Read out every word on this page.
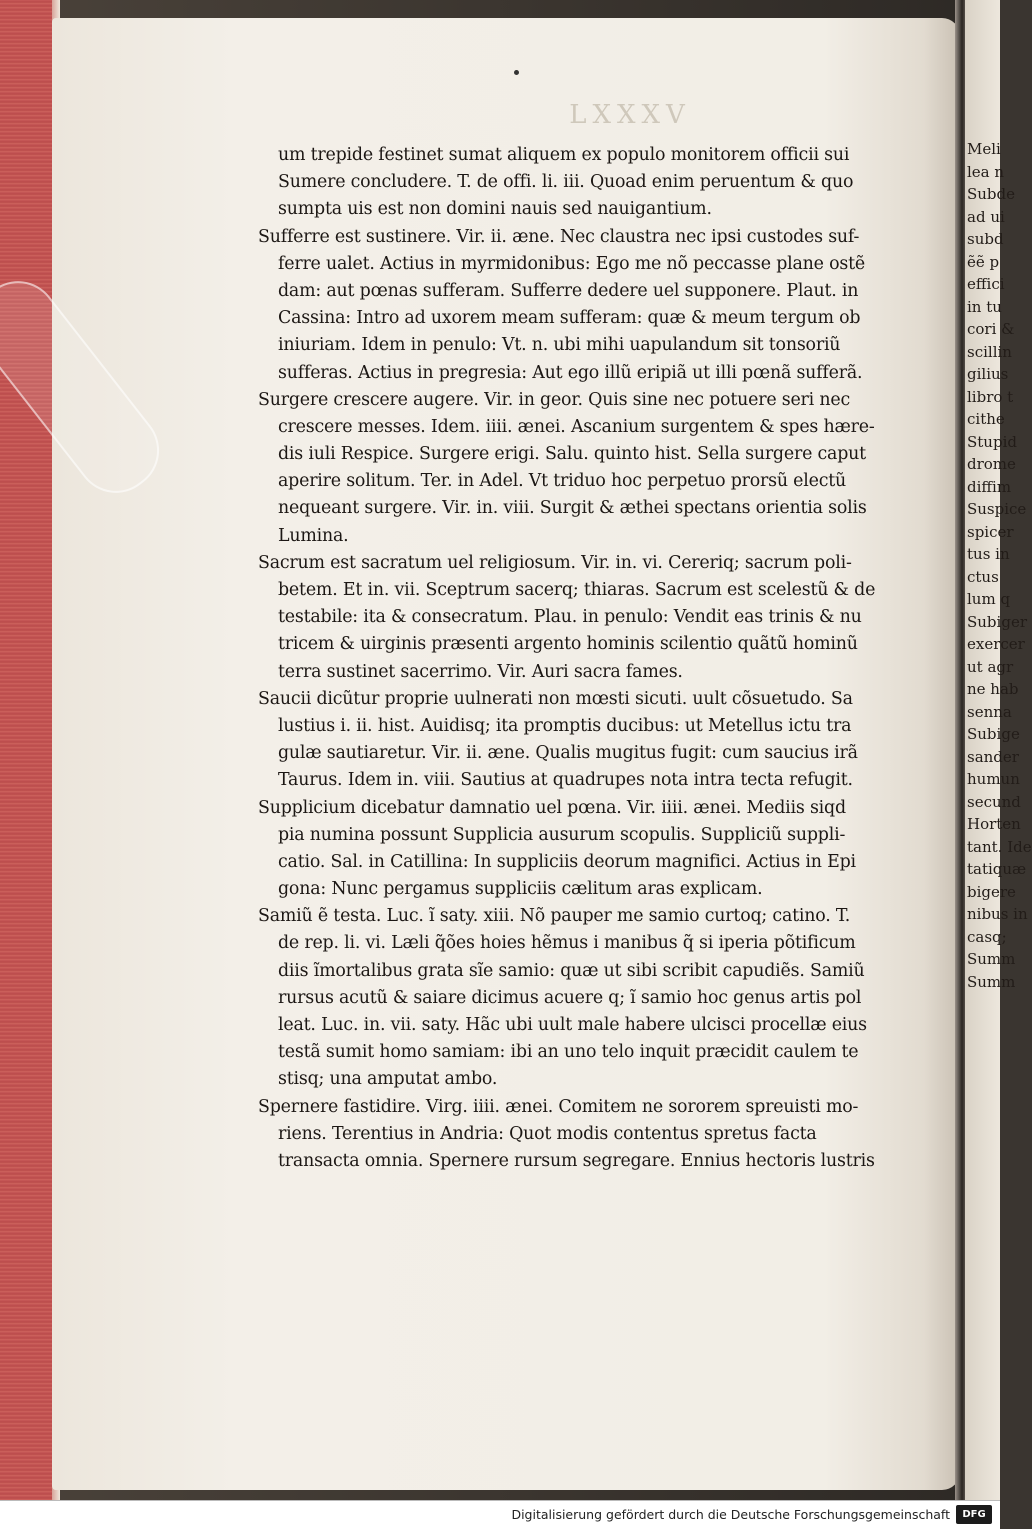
Meli
lea n
Subde
ad ui
subd
ẽẽ p
effici
in tu
cori &
scillin
gilius
libro t
cithe
Stupid
drome
diffim
Suspice
spicer
tus in
ctus
lum q
Subiger
exercer
ut agr
ne hab
senna
Subige
sander
humun
secund
Horten
tant. Ide
tatiquæ
bigere
nibus in
casq;
Summ
Summ
LXXXV
um trepide festinet sumat aliquem ex populo monitorem officii sui
Sumere concludere. T. de offi. li. iii. Quoad enim peruentum & quo
sumpta uis est non domini nauis sed nauigantium.
Sufferre est sustinere. Vir. ii. æne. Nec claustra nec ipsi custodes suf-
ferre ualet. Actius in myrmidonibus: Ego me nõ peccasse plane ostẽ
dam: aut pœnas sufferam. Sufferre dedere uel supponere. Plaut. in
Cassina: Intro ad uxorem meam sufferam: quæ & meum tergum ob
iniuriam. Idem in penulo: Vt. n. ubi mihi uapulandum sit tonsoriũ
sufferas. Actius in pregresia: Aut ego illũ eripiã ut illi pœnã sufferã.
Surgere crescere augere. Vir. in geor. Quis sine nec potuere seri nec
crescere messes. Idem. iiii. ænei. Ascanium surgentem & spes hære-
dis iuli Respice. Surgere erigi. Salu. quinto hist. Sella surgere caput
aperire solitum. Ter. in Adel. Vt triduo hoc perpetuo prorsũ electũ
nequeant surgere. Vir. in. viii. Surgit & æthei spectans orientia solis
Lumina.
Sacrum est sacratum uel religiosum. Vir. in. vi. Cereriq; sacrum poli-
betem. Et in. vii. Sceptrum sacerq; thiaras. Sacrum est scelestũ & de
testabile: ita & consecratum. Plau. in penulo: Vendit eas trinis & nu
tricem & uirginis præsenti argento hominis scilentio quãtũ hominũ
terra sustinet sacerrimo. Vir. Auri sacra fames.
Saucii dicũtur proprie uulnerati non mœsti sicuti. uult cõsuetudo. Sa
lustius i. ii. hist. Auidisq; ita promptis ducibus: ut Metellus ictu tra
gulæ sautiaretur. Vir. ii. æne. Qualis mugitus fugit: cum saucius irã
Taurus. Idem in. viii. Sautius at quadrupes nota intra tecta refugit.
Supplicium dicebatur damnatio uel pœna. Vir. iiii. ænei. Mediis siqd
pia numina possunt Supplicia ausurum scopulis. Suppliciũ suppli-
catio. Sal. in Catillina: In suppliciis deorum magnifici. Actius in Epi
gona: Nunc pergamus suppliciis cælitum aras explicam.
Samiũ ẽ testa. Luc. ĩ saty. xiii. Nõ pauper me samio curtoq; catino. T.
de rep. li. vi. Læli q̃ões hoies hẽmus i manibus q̃ si iperia põtificum
diis ĩmortalibus grata sĩe samio: quæ ut sibi scribit capudiẽs. Samiũ
rursus acutũ & saiare dicimus acuere q; ĩ samio hoc genus artis pol
leat. Luc. in. vii. saty. Hãc ubi uult male habere ulcisci procellæ eius
testã sumit homo samiam: ibi an uno telo inquit præcidit caulem te
stisq; una amputat ambo.
Spernere fastidire. Virg. iiii. ænei. Comitem ne sororem spreuisti mo-
riens. Terentius in Andria: Quot modis contentus spretus facta
transacta omnia. Spernere rursum segregare. Ennius hectoris lustris
Digitalisierung gefördert durch die Deutsche Forschungsgemeinschaft	DFG
